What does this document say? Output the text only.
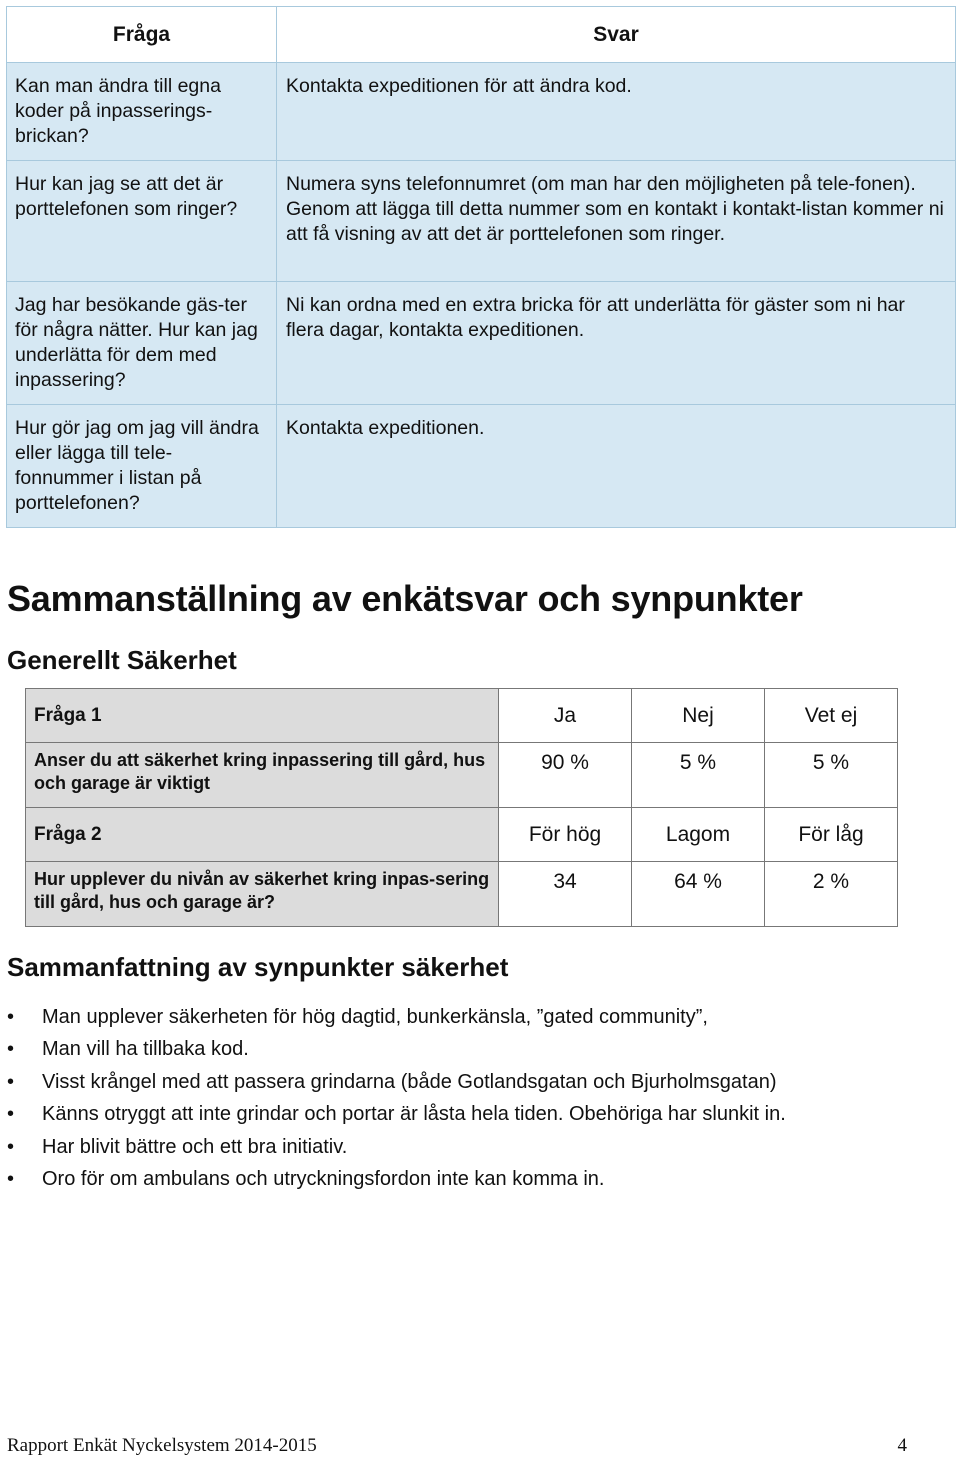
Fråga	Svar
Kan man ändra till egna koder på inpasserings-brickan?	Kontakta expeditionen för att ändra kod.
Hur kan jag se att det är porttelefonen som ringer?	Numera syns telefonnumret (om man har den möjligheten på tele-fonen). Genom att lägga till detta nummer som en kontakt i kontakt-listan kommer ni att få visning av att det är porttelefonen som ringer.
Jag har besökande gäs-ter för några nätter. Hur kan jag underlätta för dem med inpassering?	Ni kan ordna med en extra bricka för att underlätta för gäster som ni har flera dagar, kontakta expeditionen.
Hur gör jag om jag vill ändra eller lägga till tele-fonnummer i listan på porttelefonen?	Kontakta expeditionen.
Sammanställning av enkätsvar och synpunkter
Generellt Säkerhet
Fråga 1	Ja	Nej	Vet ej
Anser du att säkerhet kring inpassering till gård, hus och garage är viktigt	90 %	5 %	5 %
Fråga 2	För hög	Lagom	För låg
Hur upplever du nivån av säkerhet kring inpas-sering till gård, hus och garage är?	34	64 %	2 %
Sammanfattning av synpunkter säkerhet
•	Man upplever säkerheten för hög dagtid, bunkerkänsla, ”gated community”,
•	Man vill ha tillbaka kod.
•	Visst krångel med att passera grindarna (både Gotlandsgatan och Bjurholmsgatan)
•	Känns otryggt att inte grindar och portar är låsta hela tiden. Obehöriga har slunkit in.
•	Har blivit bättre och ett bra initiativ.
•	Oro för om ambulans och utryckningsfordon inte kan komma in.
Rapport Enkät Nyckelsystem 2014-2015	4
